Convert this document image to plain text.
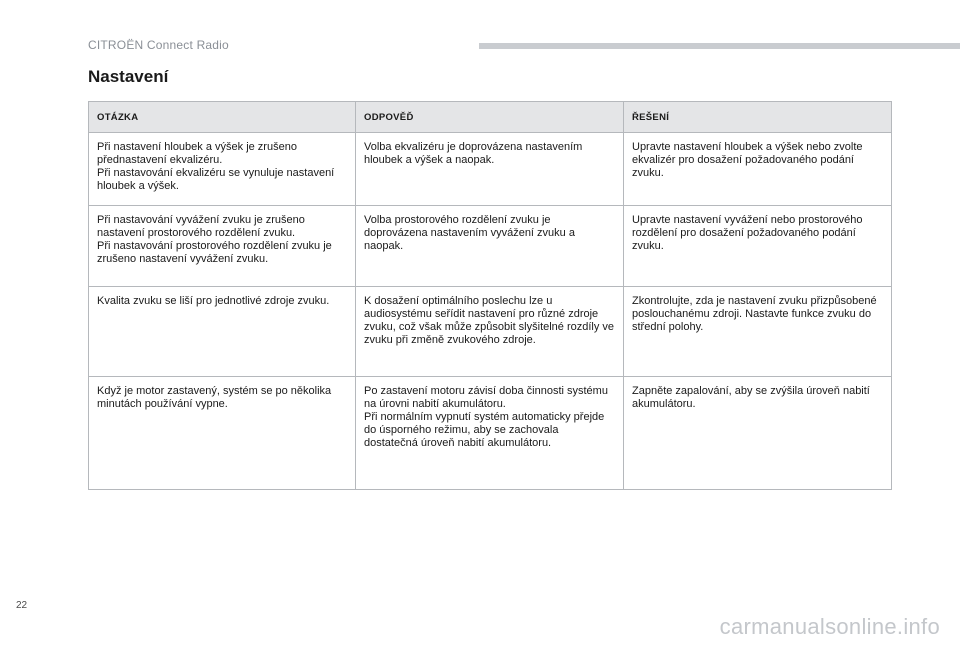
CITROËN Connect Radio
Nastavení
OTÁZKA	ODPOVĚĎ	ŘEŠENÍ
Při nastavení hloubek a výšek je zrušeno přednastavení ekvalizéru.
Při nastavování ekvalizéru se vynuluje nastavení hloubek a výšek.	Volba ekvalizéru je doprovázena nastavením hloubek a výšek a naopak.	Upravte nastavení hloubek a výšek nebo zvolte ekvalizér pro dosažení požadovaného podání zvuku.
Při nastavování vyvážení zvuku je zrušeno nastavení prostorového rozdělení zvuku.
Při nastavování prostorového rozdělení zvuku je zrušeno nastavení vyvážení zvuku.	Volba prostorového rozdělení zvuku je doprovázena nastavením vyvážení zvuku a naopak.	Upravte nastavení vyvážení nebo prostorového rozdělení pro dosažení požadovaného podání zvuku.
Kvalita zvuku se liší pro jednotlivé zdroje zvuku.	K dosažení optimálního poslechu lze u audiosystému seřídit nastavení pro různé zdroje zvuku, což však může způsobit slyšitelné rozdíly ve zvuku při změně zvukového zdroje.	Zkontrolujte, zda je nastavení zvuku přizpůsobené poslouchanému zdroji. Nastavte funkce zvuku do střední polohy.
Když je motor zastavený, systém se po několika minutách používání vypne.	Po zastavení motoru závisí doba činnosti systému na úrovni nabití akumulátoru.
Při normálním vypnutí systém automaticky přejde do úsporného režimu, aby se zachovala dostatečná úroveň nabití akumulátoru.	Zapněte zapalování, aby se zvýšila úroveň nabití akumulátoru.
22
carmanualsonline.info
